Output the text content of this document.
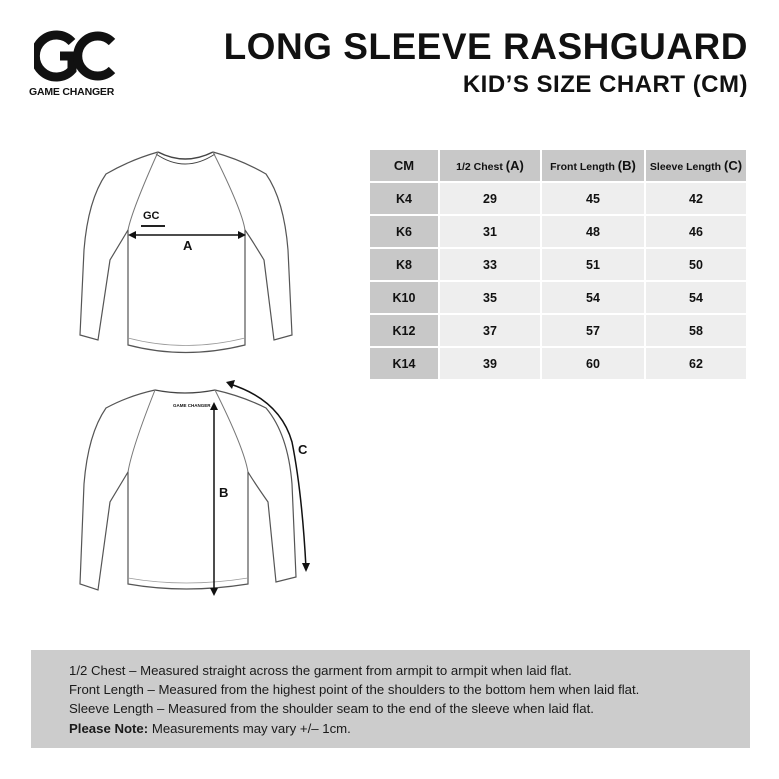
GAME CHANGER
LONG SLEEVE RASHGUARD
KID’S SIZE CHART (CM)
GC
A
GAME CHANGER
B
C
CM	1/2 Chest (A)	Front Length (B)	Sleeve Length (C)
K4	29	45	42
K6	31	48	46
K8	33	51	50
K10	35	54	54
K12	37	57	58
K14	39	60	62
1/2 Chest – Measured straight across the garment from armpit to armpit when laid flat.
Front Length – Measured from the highest point of the shoulders to the bottom hem when laid flat.
Sleeve Length – Measured from the shoulder seam to the end of the sleeve when laid flat.
Please Note: Measurements may vary +/– 1cm.
